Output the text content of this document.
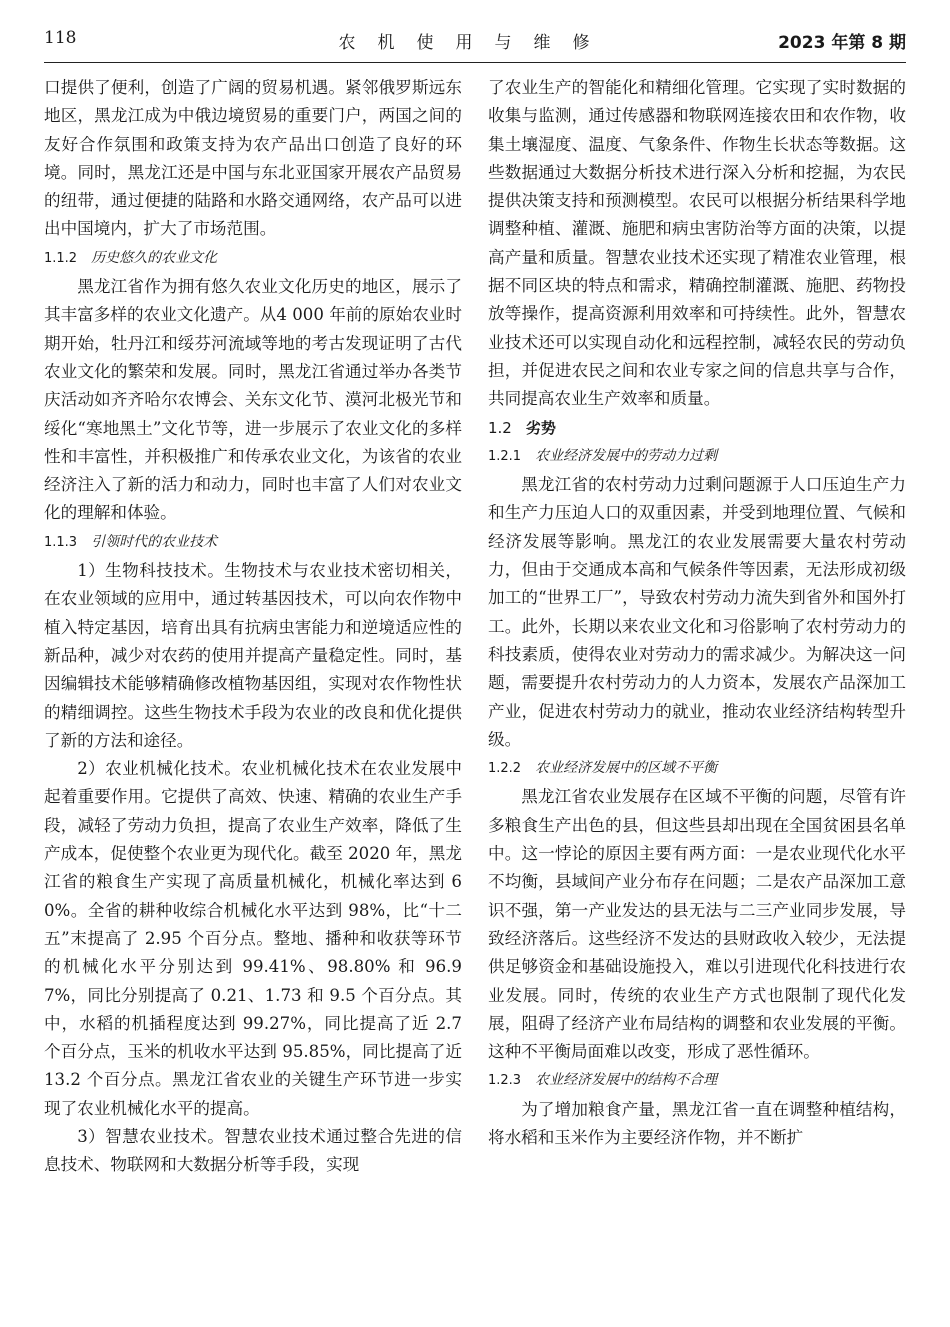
118	农机使用与维修	2023 年第 8 期

口提供了便利，创造了广阔的贸易机遇。紧邻俄罗斯远东地区，黑龙江成为中俄边境贸易的重要门户，两国之间的友好合作氛围和政策支持为农产品出口创造了良好的环境。同时，黑龙江还是中国与东北亚国家开展农产品贸易的纽带，通过便捷的陆路和水路交通网络，农产品可以进出中国境内，扩大了市场范围。

1.1.2 历史悠久的农业文化

黑龙江省作为拥有悠久农业文化历史的地区，展示了其丰富多样的农业文化遗产。从4 000 年前的原始农业时期开始，牡丹江和绥芬河流域等地的考古发现证明了古代农业文化的繁荣和发展。同时，黑龙江省通过举办各类节庆活动如齐齐哈尔农博会、关东文化节、漠河北极光节和绥化“寒地黑土”文化节等，进一步展示了农业文化的多样性和丰富性，并积极推广和传承农业文化，为该省的农业经济注入了新的活力和动力，同时也丰富了人们对农业文化的理解和体验。

1.1.3 引领时代的农业技术

1）生物科技技术。生物技术与农业技术密切相关，在农业领域的应用中，通过转基因技术，可以向农作物中植入特定基因，培育出具有抗病虫害能力和逆境适应性的新品种，减少对农药的使用并提高产量稳定性。同时，基因编辑技术能够精确修改植物基因组，实现对农作物性状的精细调控。这些生物技术手段为农业的改良和优化提供了新的方法和途径。

2）农业机械化技术。农业机械化技术在农业发展中起着重要作用。它提供了高效、快速、精确的农业生产手段，减轻了劳动力负担，提高了农业生产效率，降低了生产成本，促使整个农业更为现代化。截至 2020 年，黑龙江省的粮食生产实现了高质量机械化，机械化率达到 60%。全省的耕种收综合机械化水平达到 98%，比“十二五”末提高了 2.95 个百分点。整地、播种和收获等环节的机械化水平分别达到 99.41%、98.80% 和 96.97%，同比分别提高了 0.21、1.73 和 9.5 个百分点。其中，水稻的机插程度达到 99.27%，同比提高了近 2.7 个百分点，玉米的机收水平达到 95.85%，同比提高了近 13.2 个百分点。黑龙江省农业的关键生产环节进一步实现了农业机械化水平的提高。

3）智慧农业技术。智慧农业技术通过整合先进的信息技术、物联网和大数据分析等手段，实现

了农业生产的智能化和精细化管理。它实现了实时数据的收集与监测，通过传感器和物联网连接农田和农作物，收集土壤湿度、温度、气象条件、作物生长状态等数据。这些数据通过大数据分析技术进行深入分析和挖掘，为农民提供决策支持和预测模型。农民可以根据分析结果科学地调整种植、灌溉、施肥和病虫害防治等方面的决策，以提高产量和质量。智慧农业技术还实现了精准农业管理，根据不同区块的特点和需求，精确控制灌溉、施肥、药物投放等操作，提高资源利用效率和可持续性。此外，智慧农业技术还可以实现自动化和远程控制，减轻农民的劳动负担，并促进农民之间和农业专家之间的信息共享与合作，共同提高农业生产效率和质量。

1.2 劣势
1.2.1 农业经济发展中的劳动力过剩

黑龙江省的农村劳动力过剩问题源于人口压迫生产力和生产力压迫人口的双重因素，并受到地理位置、气候和经济发展等影响。黑龙江的农业发展需要大量农村劳动力，但由于交通成本高和气候条件等因素，无法形成初级加工的“世界工厂”，导致农村劳动力流失到省外和国外打工。此外，长期以来农业文化和习俗影响了农村劳动力的科技素质，使得农业对劳动力的需求减少。为解决这一问题，需要提升农村劳动力的人力资本，发展农产品深加工产业，促进农村劳动力的就业，推动农业经济结构转型升级。

1.2.2 农业经济发展中的区域不平衡

黑龙江省农业发展存在区域不平衡的问题，尽管有许多粮食生产出色的县，但这些县却出现在全国贫困县名单中。这一悖论的原因主要有两方面：一是农业现代化水平不均衡，县域间产业分布存在问题；二是农产品深加工意识不强，第一产业发达的县无法与二三产业同步发展，导致经济落后。这些经济不发达的县财政收入较少，无法提供足够资金和基础设施投入，难以引进现代化科技进行农业发展。同时，传统的农业生产方式也限制了现代化发展，阻碍了经济产业布局结构的调整和农业发展的平衡。这种不平衡局面难以改变，形成了恶性循环。

1.2.3 农业经济发展中的结构不合理

为了增加粮食产量，黑龙江省一直在调整种植结构，将水稻和玉米作为主要经济作物，并不断扩
